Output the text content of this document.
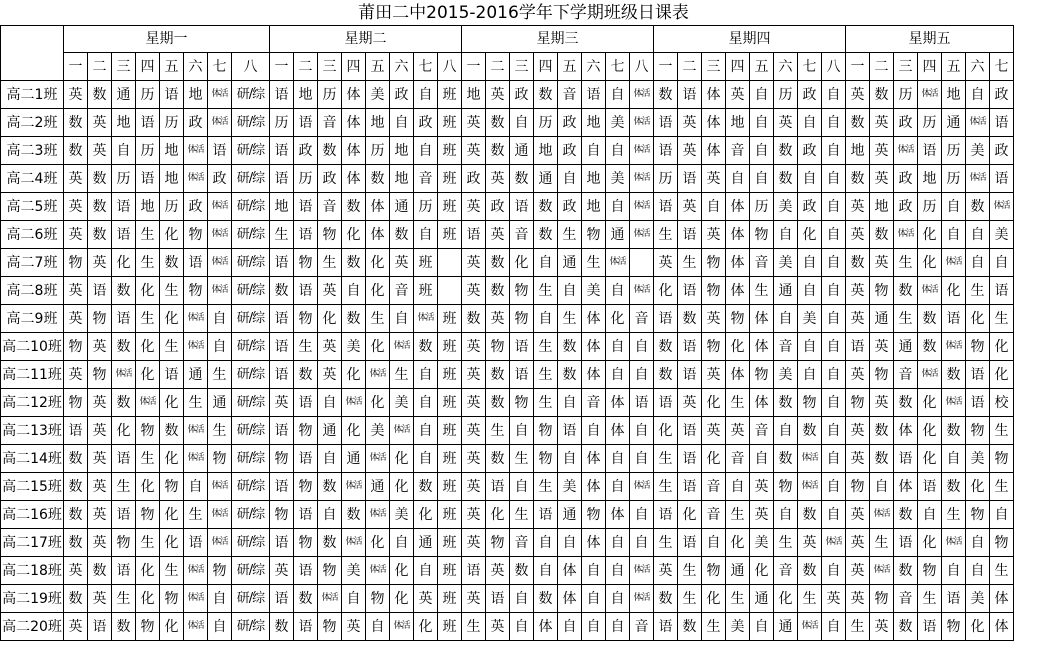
莆田二中2015-2016学年下学期班级日课表
	星期一								星期二								星期三								星期四								星期五						
	一	二	三	四	五	六	七	八	一	二	三	四	五	六	七	八	一	二	三	四	五	六	七	八	一	二	三	四	五	六	七	八	一	二	三	四	五	六	七
高二1班	英	数	通	历	语	地	体活	研/综	语	地	历	体	美	政	自	班	地	英	政	数	音	语	自	体活	数	语	体	英	自	历	政	自	英	数	历	体活	地	自	政
高二2班	数	英	地	语	历	政	体活	研/综	历	语	音	体	地	自	政	班	英	数	自	历	政	地	美	体活	语	英	体	地	自	英	自	自	数	英	政	历	通	体活	语
高二3班	数	英	自	历	地	体活	语	研/综	语	政	数	体	历	地	自	班	英	数	通	地	政	自	自	体活	语	英	体	音	自	数	政	自	地	英	体活	语	历	美	政
高二4班	英	数	历	语	地	体活	政	研/综	语	历	政	体	数	地	音	班	政	英	数	通	自	地	美	体活	历	语	英	自	自	数	自	自	数	英	政	地	历	体活	语
高二5班	英	数	语	地	历	政	体活	研/综	地	语	音	数	体	通	历	班	英	政	语	数	政	地	自	体活	语	英	自	体	历	美	政	自	英	地	政	历	自	数	体活
高二6班	英	数	语	生	化	物	体活	研/综	生	语	物	化	体	数	自	班	语	英	音	数	生	物	通	体活	生	语	英	体	物	自	化	自	英	数	体活	化	自	自	美
高二7班	物	英	化	生	数	语	体活	研/综	语	物	生	数	化	英	班		英	数	化	自	通	生	体活		英	生	物	体	音	美	自	自	数	英	生	化	体活	自	自
高二8班	英	语	数	化	生	物	体活	研/综	数	语	英	自	化	音	班		英	数	物	生	自	美	自	体活	化	语	物	体	生	通	自	自	英	物	数	体活	化	生	语
高二9班	英	物	语	生	化	体活	自	研/综	语	物	化	数	生	自	体活	班	数	英	物	自	生	体	化	音	语	数	英	物	体	自	美	自	英	通	生	数	语	化	生
高二10班	物	英	数	化	生	体活	自	研/综	语	生	英	美	化	体活	数	班	英	物	语	生	数	体	自	自	数	语	物	化	体	音	自	自	语	英	通	数	体活	物	化
高二11班	英	物	体活	化	语	通	生	研/综	语	数	英	化	体活	生	自	班	英	数	语	生	数	体	自	自	数	语	英	体	物	美	自	自	英	物	音	体活	数	语	化
高二12班	物	英	数	体活	化	生	通	研/综	英	语	自	体活	化	美	自	班	英	数	物	生	自	音	体	语	语	英	化	生	体	数	物	自	物	英	数	化	体活	语	校
高二13班	语	英	化	物	数	体活	生	研/综	语	物	通	化	美	体活	自	班	英	生	自	物	语	自	体	自	化	语	英	英	音	自	数	自	英	数	体	化	数	物	生
高二14班	数	英	语	生	化	体活	物	研/综	物	语	自	通	体活	化	自	班	英	数	生	物	自	体	自	自	生	语	化	音	自	数	体活	自	英	数	语	化	自	美	物
高二15班	数	英	生	化	物	自	体活	研/综	语	物	数	体活	通	化	数	班	英	语	自	生	美	体	自	体活	生	语	音	自	英	物	体活	自	物	自	体	语	数	化	生
高二16班	数	英	语	物	化	生	体活	研/综	物	语	自	数	体活	美	化	班	英	化	生	语	通	物	体	自	语	化	音	生	英	自	数	自	英	体活	数	自	生	物	自
高二17班	数	英	物	生	化	语	体活	研/综	语	物	数	体活	化	自	通	班	英	物	音	自	自	体	自	自	生	语	自	化	美	生	英	体活	英	生	语	化	体活	自	物
高二18班	英	数	语	化	生	体活	物	研/综	英	语	物	美	体活	化	自	班	语	英	数	自	体	自	自	体活	英	生	物	通	化	音	数	自	英	体活	数	物	自	自	生
高二19班	数	英	生	化	物	体活	自	研/综	语	数	体活	自	物	化	英	班	英	语	自	数	体	自	自	体活	数	生	化	生	通	化	生	英	英	物	音	生	语	美	体
高二20班	英	语	数	物	化	体活	自	研/综	数	语	物	英	自	体活	化	班	生	英	自	体	自	自	自	音	语	数	生	美	自	通	体活	自	生	英	数	语	物	化	体
